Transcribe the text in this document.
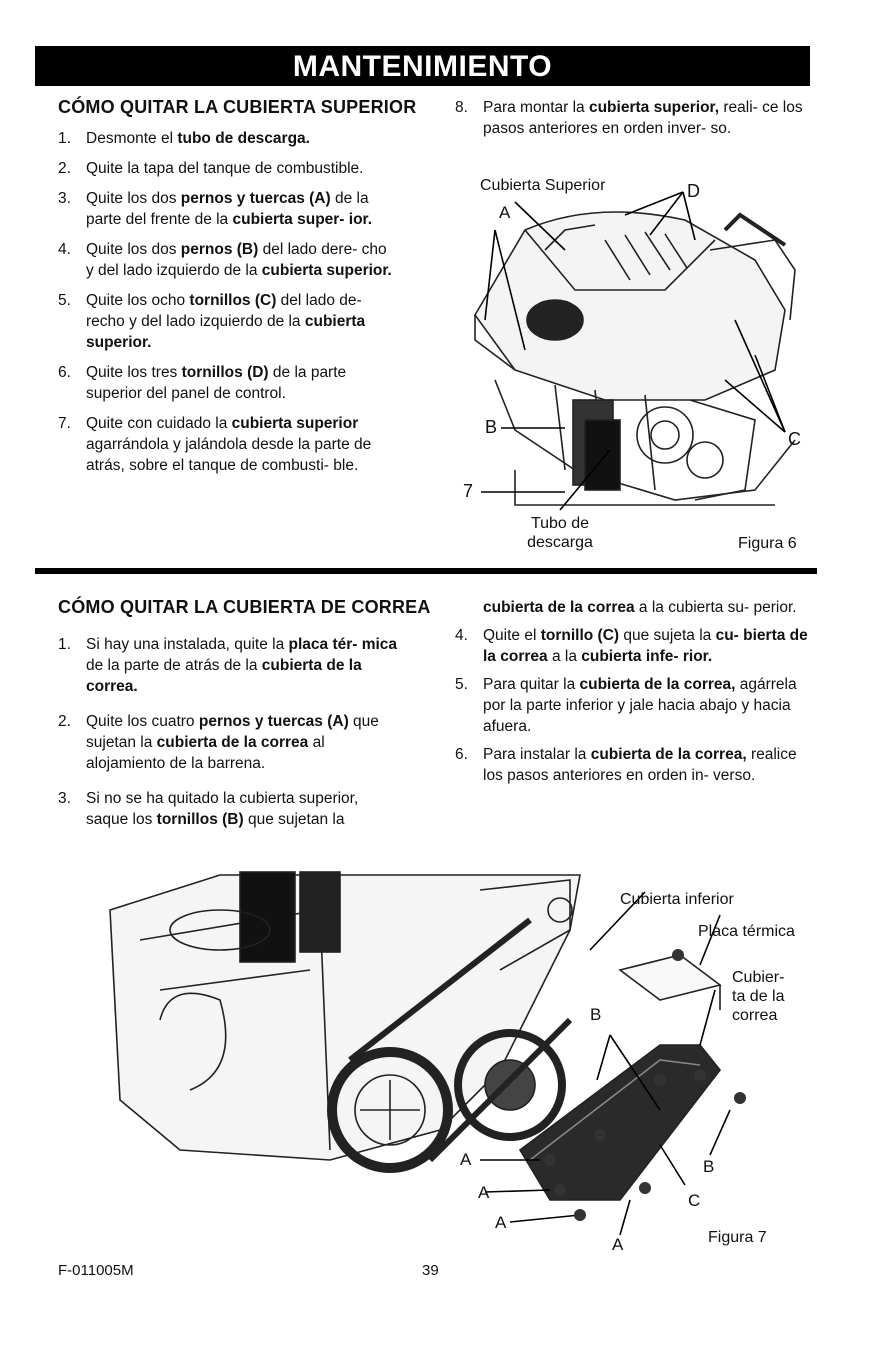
MANTENIMIENTO
CÓMO QUITAR LA CUBIERTA SUPERIOR
1. Desmonte el tubo de descarga.
2. Quite la tapa del tanque de combustible.
3. Quite los dos pernos y tuercas (A) de la parte del frente de la cubierta super- ior.
4. Quite los dos pernos (B) del lado dere- cho y del lado izquierdo de la cubierta superior.
5. Quite los ocho tornillos (C) del lado de- recho y del lado izquierdo de la cubierta superior.
6. Quite los tres tornillos (D) de la parte superior del panel de control.
7. Quite con cuidado la cubierta superior agarrándola y jalándola desde la parte de atrás, sobre el tanque de combusti- ble.
8. Para montar la cubierta superior, reali- ce los pasos anteriores en orden inver- so.
Cubierta Superior
A
D
B
C
7
Tubo de descarga	Figura 6
CÓMO QUITAR LA CUBIERTA DE CORREA
1. Si hay una instalada, quite la placa tér- mica de la parte de atrás de la cubierta de la correa.
2. Quite los cuatro pernos y tuercas (A) que sujetan la cubierta de la correa al alojamiento de la barrena.
3. Si no se ha quitado la cubierta superior, saque los tornillos (B) que sujetan la
cubierta de la correa a la cubierta su- perior.
4. Quite el tornillo (C) que sujeta la cu- bierta de la correa a la cubierta infe- rior.
5. Para quitar la cubierta de la correa, agárrela por la parte inferior y jale hacia abajo y hacia afuera.
6. Para instalar la cubierta de la correa, realice los pasos anteriores en orden in- verso.
Cubierta inferior
Placa térmica
Cubier- ta de la correa
B
B
C
A
A
A
A	Figura 7
F-011005M	39
